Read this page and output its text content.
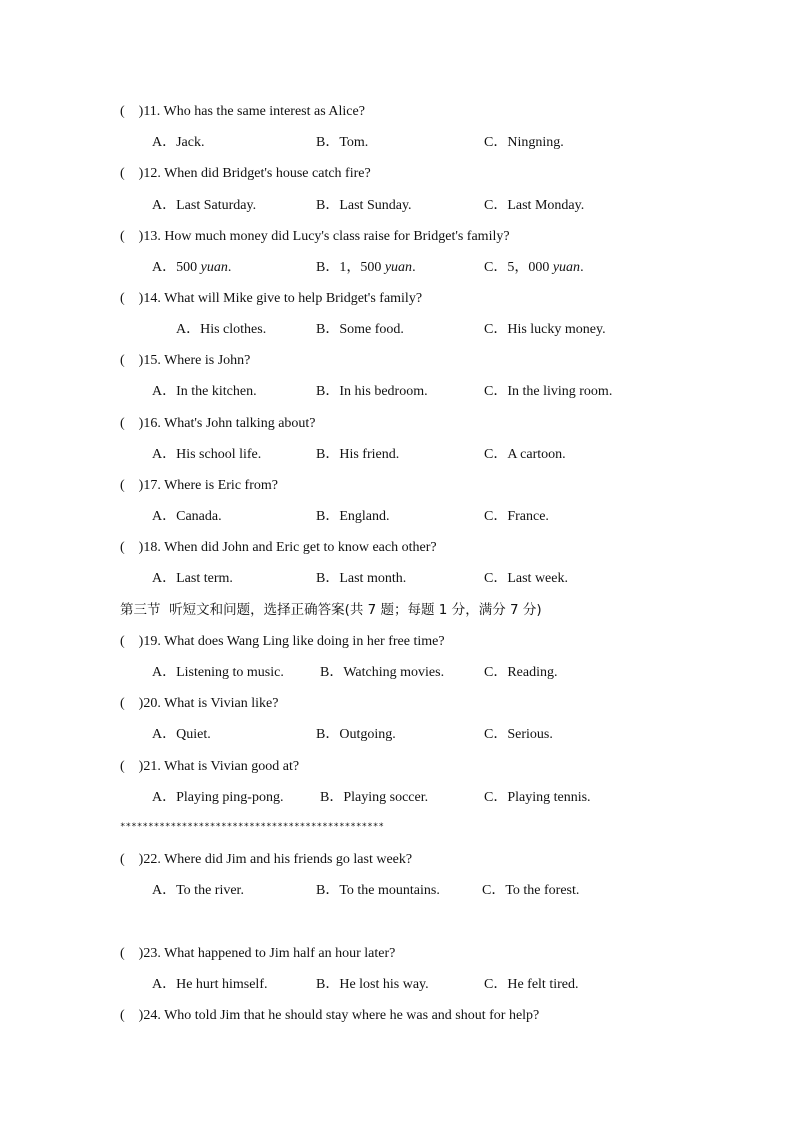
(    )11. Who has the same interest as Alice?
A．Jack.	B．Tom.	C．Ningning.
(    )12. When did Bridget's house catch fire?
A．Last Saturday.	B．Last Sunday.	C．Last Monday.
(    )13. How much money did Lucy's class raise for Bridget's family?
A．500 yuan.	B．1，500 yuan.	C．5，000 yuan.
(    )14. What will Mike give to help Bridget's family?
A．His clothes.	B．Some food.	C．His lucky money.
(    )15. Where is John?
A．In the kitchen.	B．In his bedroom.	C．In the living room.
(    )16. What's John talking about?
A．His school life.	B．His friend.	C．A cartoon.
(    )17. Where is Eric from?
A．Canada.	B．England.	C．France.
(    )18. When did John and Eric get to know each other?
A．Last term.	B．Last month.	C．Last week.
第三节  听短文和问题，选择正确答案(共 7 题；每题 1 分，满分 7 分)
(    )19. What does Wang Ling like doing in her free time?
A．Listening to music.	B．Watching movies.	C．Reading.
(    )20. What is Vivian like?
A．Quiet.	B．Outgoing.	C．Serious.
(    )21. What is Vivian good at?
A．Playing ping-pong.	B．Playing soccer.	C．Playing tennis.
***********************************************
(    )22. Where did Jim and his friends go last week?
A．To the river.	B．To the mountains.	C．To the forest.
(    )23. What happened to Jim half an hour later?
A．He hurt himself.	B．He lost his way.	C．He felt tired.
(    )24. Who told Jim that he should stay where he was and shout for help?
